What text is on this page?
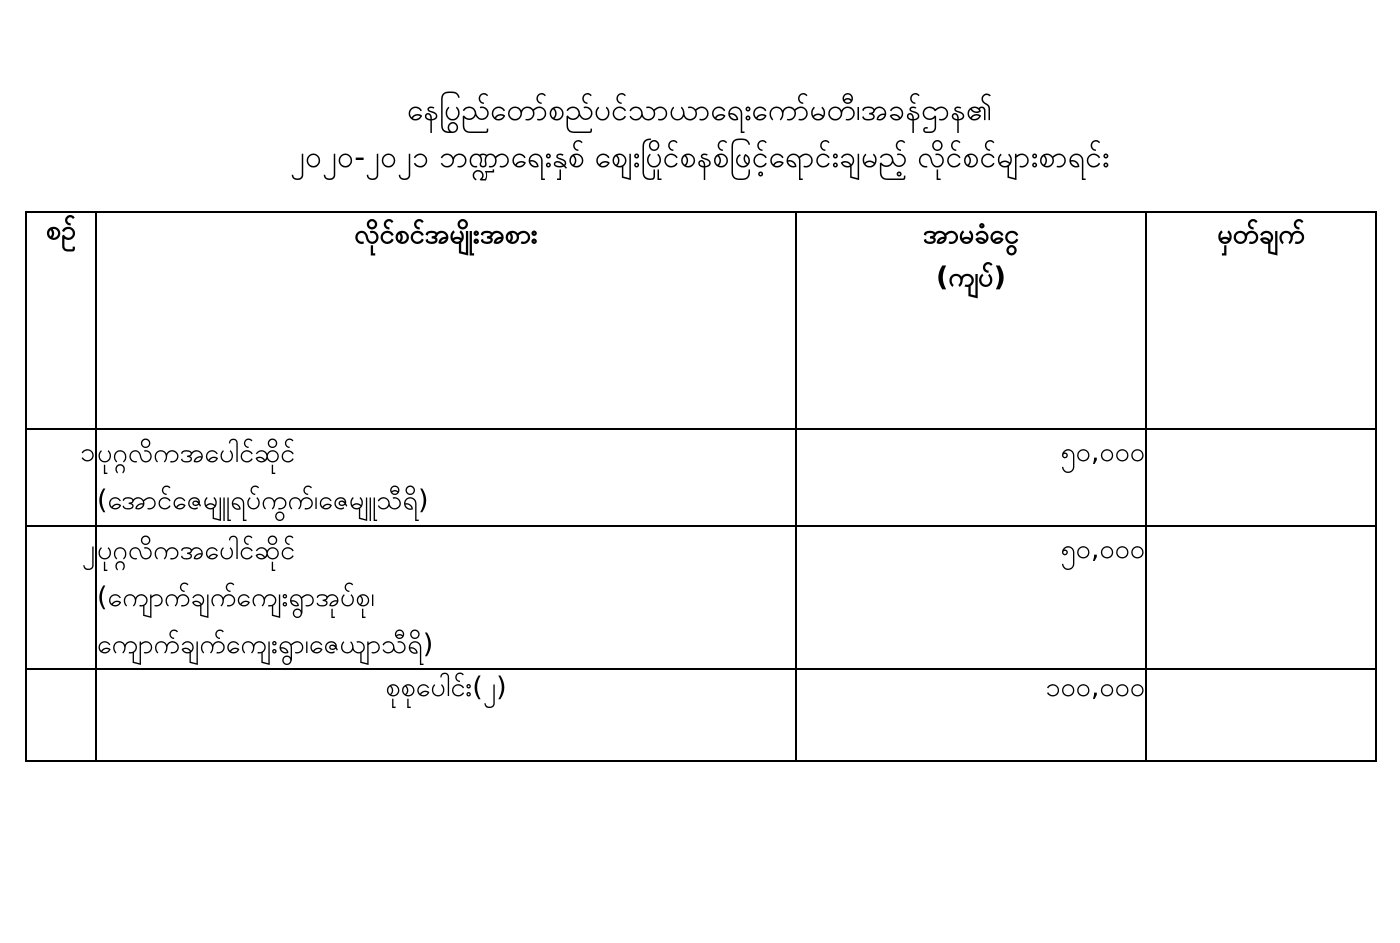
နေပြည်တော်စည်ပင်သာယာရေးကော်မတီ၊အခွန်ဌာန၏
၂၀၂၀-၂၀၂၁ ဘဏ္ဍာရေးနှစ် စျေးပြိုင်စနစ်ဖြင့်ရောင်းချမည့် လိုင်စင်များစာရင်း
စဉ်	လိုင်စင်အမျိုးအစား	အာမခံငွေ
(ကျပ်)	မှတ်ချက်
၁	ပုဂ္ဂလိကအပေါင်ဆိုင်
(အောင်ဇေမျူရပ်ကွက်၊ဇေမျူသီရိ)	၅၀,၀၀၀	
၂	ပုဂ္ဂလိကအပေါင်ဆိုင်
(ကျောက်ချက်ကျေးရွာအုပ်စု၊
ကျောက်ချက်ကျေးရွာ၊ဇေယျာသီရိ)	၅၀,၀၀၀	
	စုစုပေါင်း(၂)	၁၀၀,၀၀၀	
